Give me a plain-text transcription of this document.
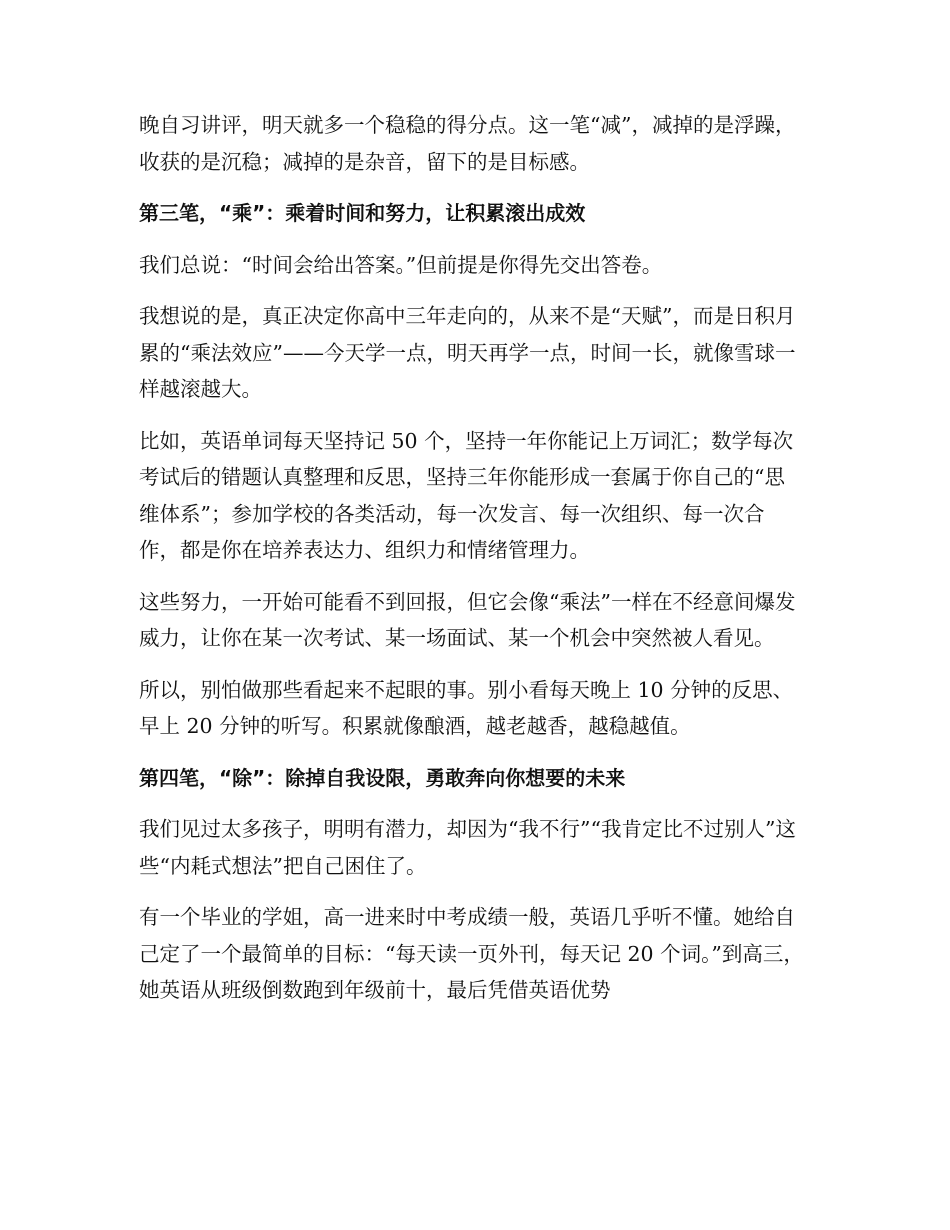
晚自习讲评，明天就多一个稳稳的得分点。这一笔“减”，减掉的是浮躁，收获的是沉稳；减掉的是杂音，留下的是目标感。

第三笔，“乘”：乘着时间和努力，让积累滚出成效

我们总说：“时间会给出答案。”但前提是你得先交出答卷。

我想说的是，真正决定你高中三年走向的，从来不是“天赋”，而是日积月累的“乘法效应”——今天学一点，明天再学一点，时间一长，就像雪球一样越滚越大。

比如，英语单词每天坚持记 50 个，坚持一年你能记上万词汇；数学每次考试后的错题认真整理和反思，坚持三年你能形成一套属于你自己的“思维体系”；参加学校的各类活动，每一次发言、每一次组织、每一次合作，都是你在培养表达力、组织力和情绪管理力。

这些努力，一开始可能看不到回报，但它会像“乘法”一样在不经意间爆发威力，让你在某一次考试、某一场面试、某一个机会中突然被人看见。

所以，别怕做那些看起来不起眼的事。别小看每天晚上 10 分钟的反思、早上 20 分钟的听写。积累就像酿酒，越老越香，越稳越值。

第四笔，“除”：除掉自我设限，勇敢奔向你想要的未来

我们见过太多孩子，明明有潜力，却因为“我不行”“我肯定比不过别人”这些“内耗式想法”把自己困住了。

有一个毕业的学姐，高一进来时中考成绩一般，英语几乎听不懂。她给自己定了一个最简单的目标：“每天读一页外刊，每天记 20 个词。”到高三，她英语从班级倒数跑到年级前十，最后凭借英语优势
